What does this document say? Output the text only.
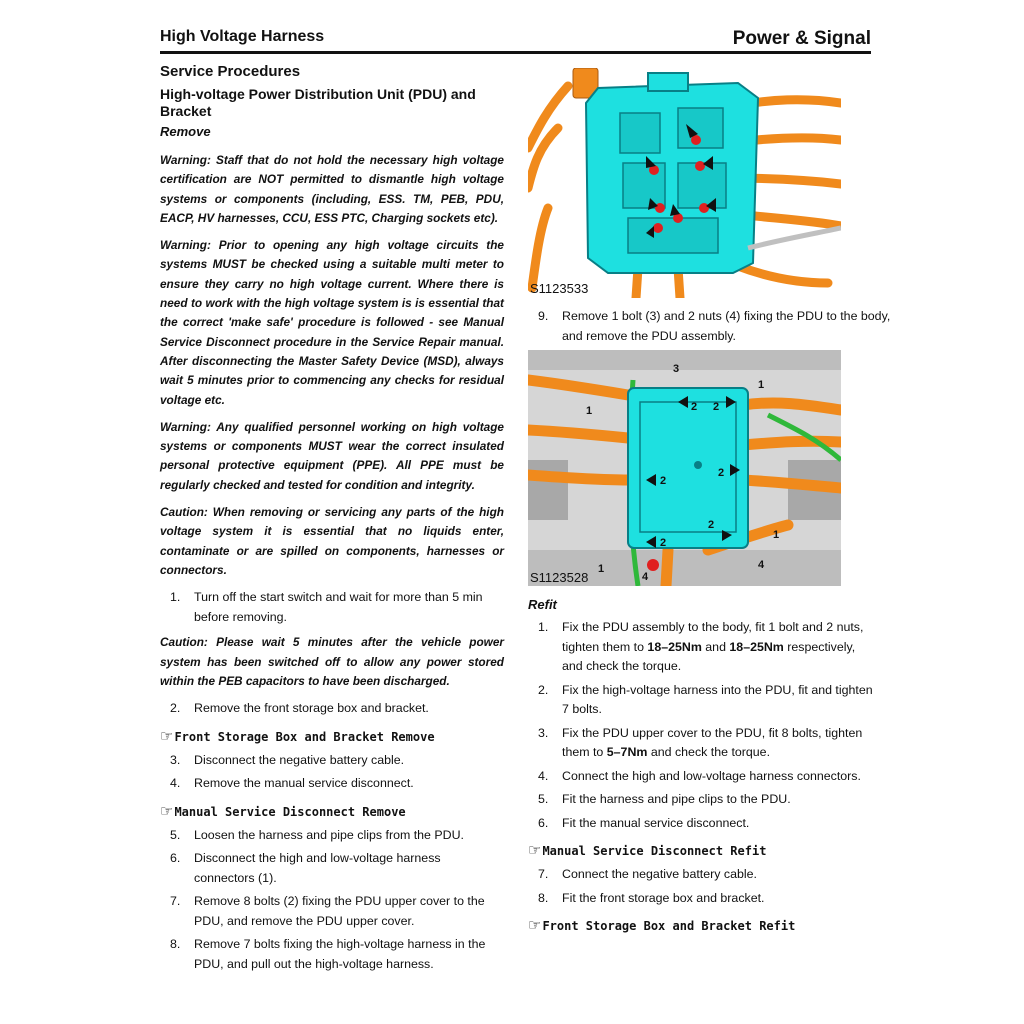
High Voltage Harness	Power & Signal
Service Procedures
High-voltage Power Distribution Unit (PDU) and Bracket
Remove

Warning: Staff that do not hold the necessary high voltage certification are NOT permitted to dismantle high voltage systems or components (including, ESS. TM, PEB, PDU, EACP, HV harnesses, CCU, ESS PTC, Charging sockets etc).

Warning: Prior to opening any high voltage circuits the systems MUST be checked using a suitable multi meter to ensure they carry no high voltage current. Where there is need to work with the high voltage system is is essential that the correct 'make safe' procedure is followed - see Manual Service Disconnect procedure in the Service Repair manual. After disconnecting the Master Safety Device (MSD), always wait 5 minutes prior to commencing any checks for residual voltage etc.

Warning: Any qualified personnel working on high voltage systems or components MUST wear the correct insulated personal protective equipment (PPE). All PPE must be regularly checked and tested for condition and integrity.

Caution: When removing or servicing any parts of the high voltage system it is essential that no liquids enter, contaminate or are spilled on components, harnesses or connectors.

1. Turn off the start switch and wait for more than 5 min before removing.

Caution: Please wait 5 minutes after the vehicle power system has been switched off to allow any power stored within the PEB capacitors to have been discharged.

2. Remove the front storage box and bracket.
☞Front Storage Box and Bracket Remove
3. Disconnect the negative battery cable.
4. Remove the manual service disconnect.
☞Manual Service Disconnect Remove
5. Loosen the harness and pipe clips from the PDU.
6. Disconnect the high and low-voltage harness connectors (1).
7. Remove 8 bolts (2) fixing the PDU upper cover to the PDU, and remove the PDU upper cover.
8. Remove 7 bolts fixing the high-voltage harness in the PDU, and pull out the high-voltage harness.
S1123533
9. Remove 1 bolt (3) and 2 nuts (4) fixing the PDU to the body, and remove the PDU assembly.
2 2
2
2
2
2
1
1
1
1
3
4
4
S1123528
Refit
1. Fix the PDU assembly to the body, fit 1 bolt and 2 nuts, tighten them to 18–25Nm and 18–25Nm respectively, and check the torque.
2. Fix the high-voltage harness into the PDU, fit and tighten 7 bolts.
3. Fix the PDU upper cover to the PDU, fit 8 bolts, tighten them to 5–7Nm and check the torque.
4. Connect the high and low-voltage harness connectors.
5. Fit the harness and pipe clips to the PDU.
6. Fit the manual service disconnect.
☞Manual Service Disconnect Refit
7. Connect the negative battery cable.
8. Fit the front storage box and bracket.
☞Front Storage Box and Bracket Refit
